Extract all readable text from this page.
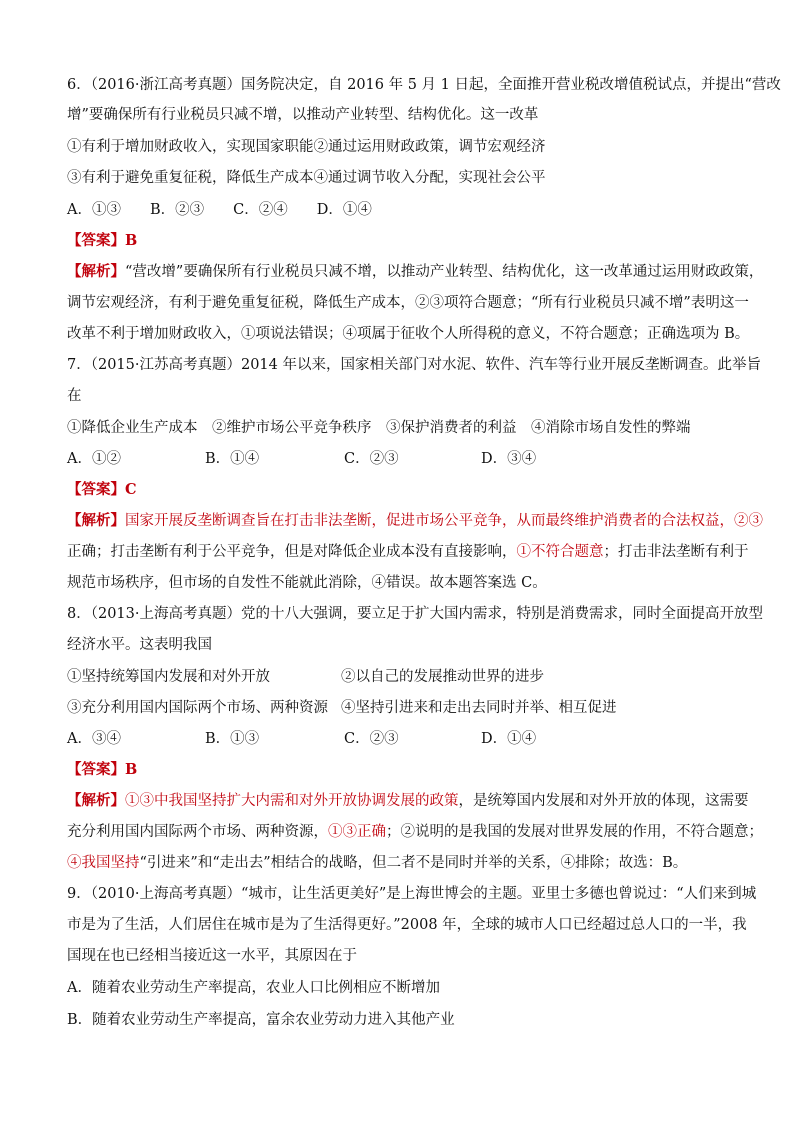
6．（2016·浙江高考真题）国务院决定，自 2016 年 5 月 1 日起，全面推开营业税改增值税试点，并提出“营改
增”要确保所有行业税员只减不增，以推动产业转型、结构优化。这一改革
①有利于增加财政收入，实现国家职能②通过运用财政政策，调节宏观经济
③有利于避免重复征税，降低生产成本④通过调节收入分配，实现社会公平
A．①③　　B．②③　　C．②④　　D．①④
【答案】B
【解析】“营改增”要确保所有行业税员只减不增，以推动产业转型、结构优化，这一改革通过运用财政政策，
调节宏观经济，有利于避免重复征税，降低生产成本，②③项符合题意；“所有行业税员只减不增”表明这一
改革不利于增加财政收入，①项说法错误；④项属于征收个人所得税的意义，不符合题意；正确选项为 B。
7．（2015·江苏高考真题）2014 年以来，国家相关部门对水泥、软件、汽车等行业开展反垄断调查。此举旨
在
①降低企业生产成本　②维护市场公平竞争秩序　③保护消费者的利益　④消除市场自发性的弊端
A．①②	B．①④	C．②③	D．③④
【答案】C
【解析】国家开展反垄断调查旨在打击非法垄断，促进市场公平竞争，从而最终维护消费者的合法权益，②③
正确；打击垄断有利于公平竞争，但是对降低企业成本没有直接影响，①不符合题意；打击非法垄断有利于
规范市场秩序，但市场的自发性不能就此消除，④错误。故本题答案选 C。
8．（2013·上海高考真题）党的十八大强调，要立足于扩大国内需求，特别是消费需求，同时全面提高开放型
经济水平。这表明我国
①坚持统筹国内发展和对外开放	②以自己的发展推动世界的进步
③充分利用国内国际两个市场、两种资源 ④坚持引进来和走出去同时并举、相互促进
A．③④	B．①③	C．②③	D．①④
【答案】B
【解析】①③中我国坚持扩大内需和对外开放协调发展的政策，是统筹国内发展和对外开放的体现，这需要
充分利用国内国际两个市场、两种资源，①③正确；②说明的是我国的发展对世界发展的作用，不符合题意；
④我国坚持“引进来”和“走出去”相结合的战略，但二者不是同时并举的关系，④排除；故选：B。
9．（2010·上海高考真题）“城市，让生活更美好”是上海世博会的主题。亚里士多德也曾说过：“人们来到城
市是为了生活，人们居住在城市是为了生活得更好。”2008 年，全球的城市人口已经超过总人口的一半，我
国现在也已经相当接近这一水平，其原因在于
A．随着农业劳动生产率提高，农业人口比例相应不断增加
B．随着农业劳动生产率提高，富余农业劳动力进入其他产业
